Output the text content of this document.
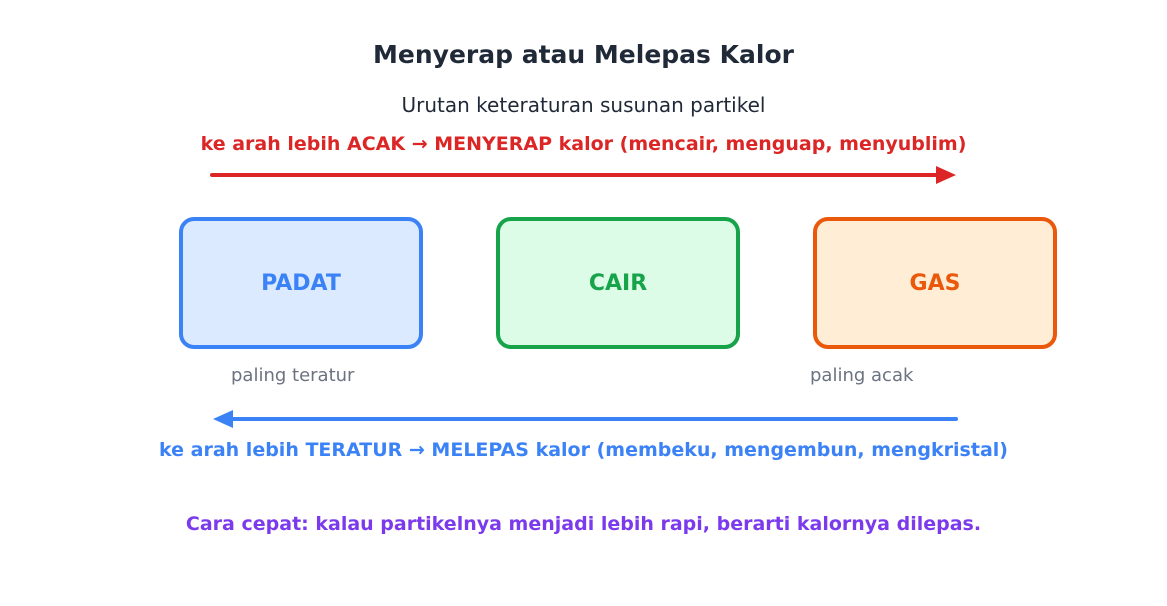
Menyerap atau Melepas Kalor
Urutan keteraturan susunan partikel
ke arah lebih ACAK → MENYERAP kalor (mencair, menguap, menyublim)
PADAT	CAIR	GAS
paling teratur	paling acak
ke arah lebih TERATUR → MELEPAS kalor (membeku, mengembun, mengkristal)
Cara cepat: kalau partikelnya menjadi lebih rapi, berarti kalornya dilepas.
